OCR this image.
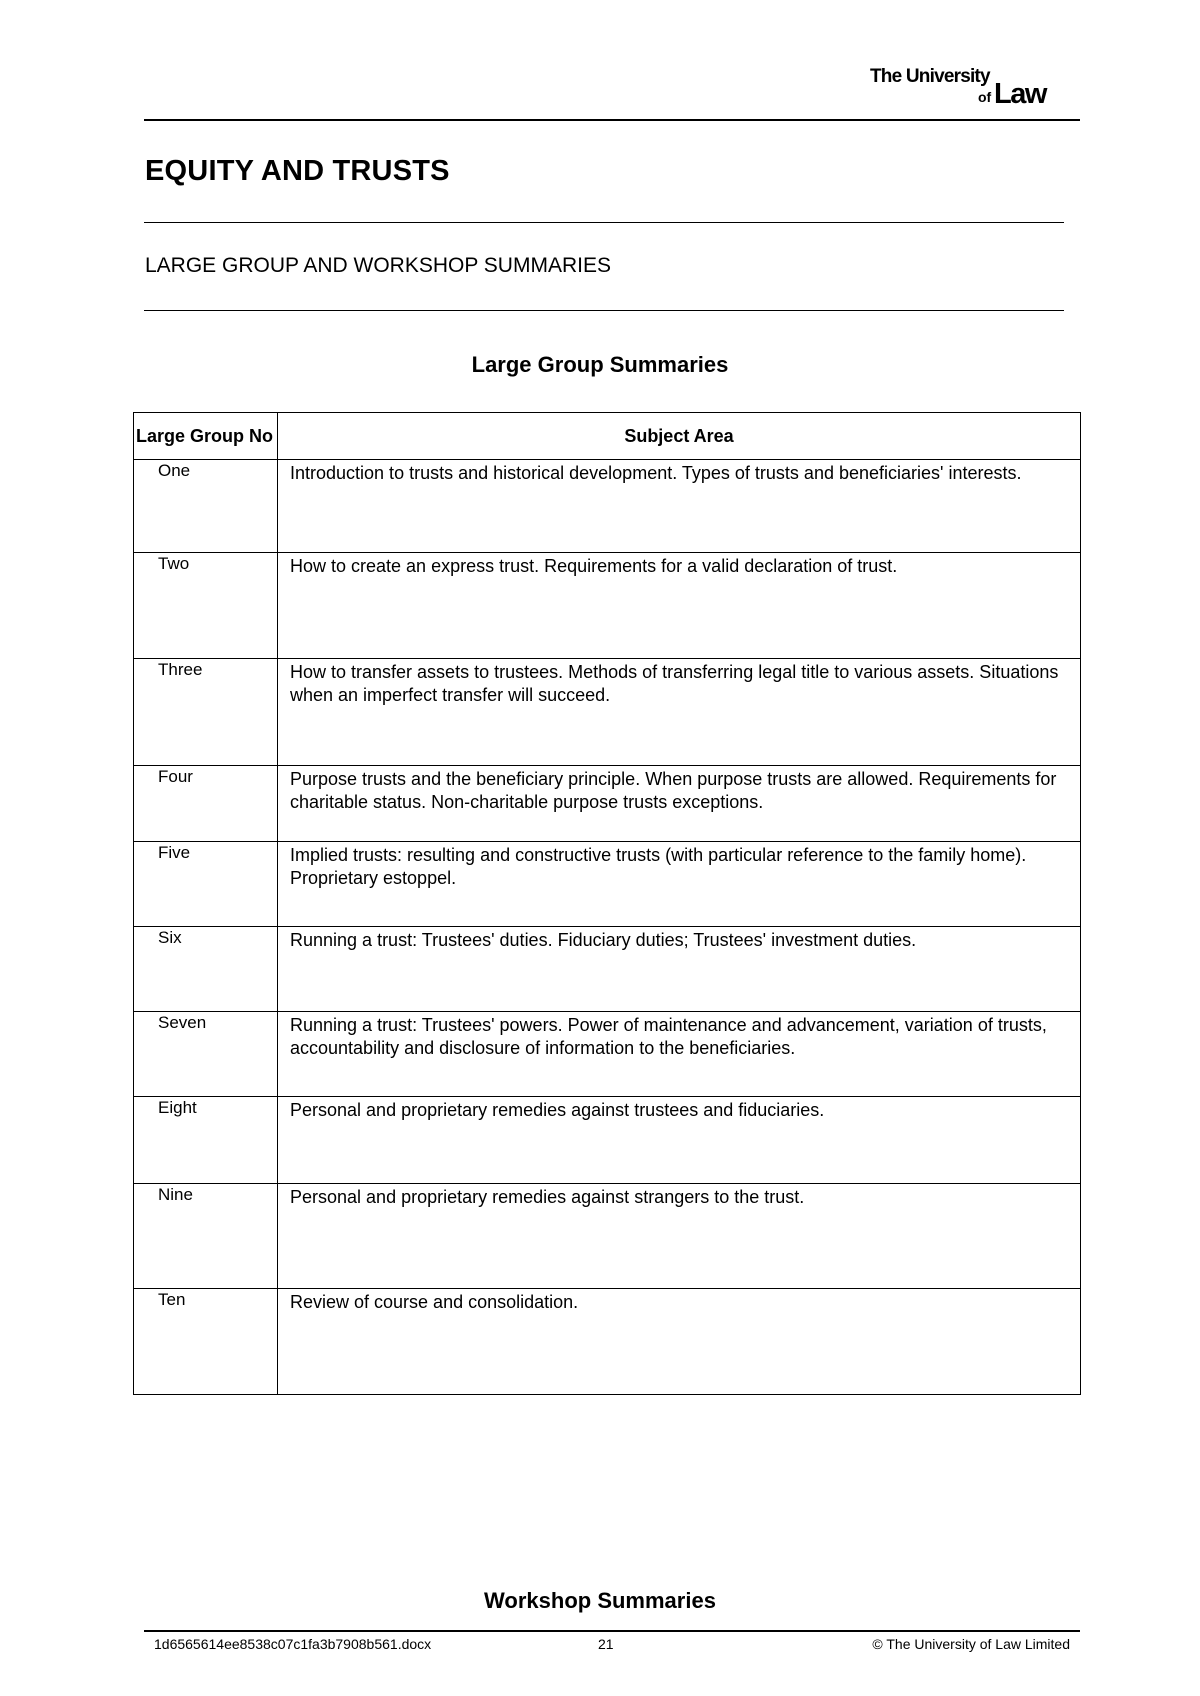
The University
of Law
EQUITY AND TRUSTS
LARGE GROUP AND WORKSHOP SUMMARIES
Large Group Summaries
Large Group No	Subject Area
One	Introduction to trusts and historical development. Types of trusts and beneficiaries' interests.
Two	How to create an express trust. Requirements for a valid declaration of trust.
Three	How to transfer assets to trustees. Methods of transferring legal title to various assets. Situations when an imperfect transfer will succeed.
Four	Purpose trusts and the beneficiary principle. When purpose trusts are allowed. Requirements for charitable status. Non-charitable purpose trusts exceptions.
Five	Implied trusts: resulting and constructive trusts (with particular reference to the family home). Proprietary estoppel.
Six	Running a trust: Trustees' duties. Fiduciary duties; Trustees' investment duties.
Seven	Running a trust: Trustees' powers. Power of maintenance and advancement, variation of trusts, accountability and disclosure of information to the beneficiaries.
Eight	Personal and proprietary remedies against trustees and fiduciaries.
Nine	Personal and proprietary remedies against strangers to the trust.
Ten	Review of course and consolidation.
Workshop Summaries
1d6565614ee8538c07c1fa3b7908b561.docx	21	© The University of Law Limited
